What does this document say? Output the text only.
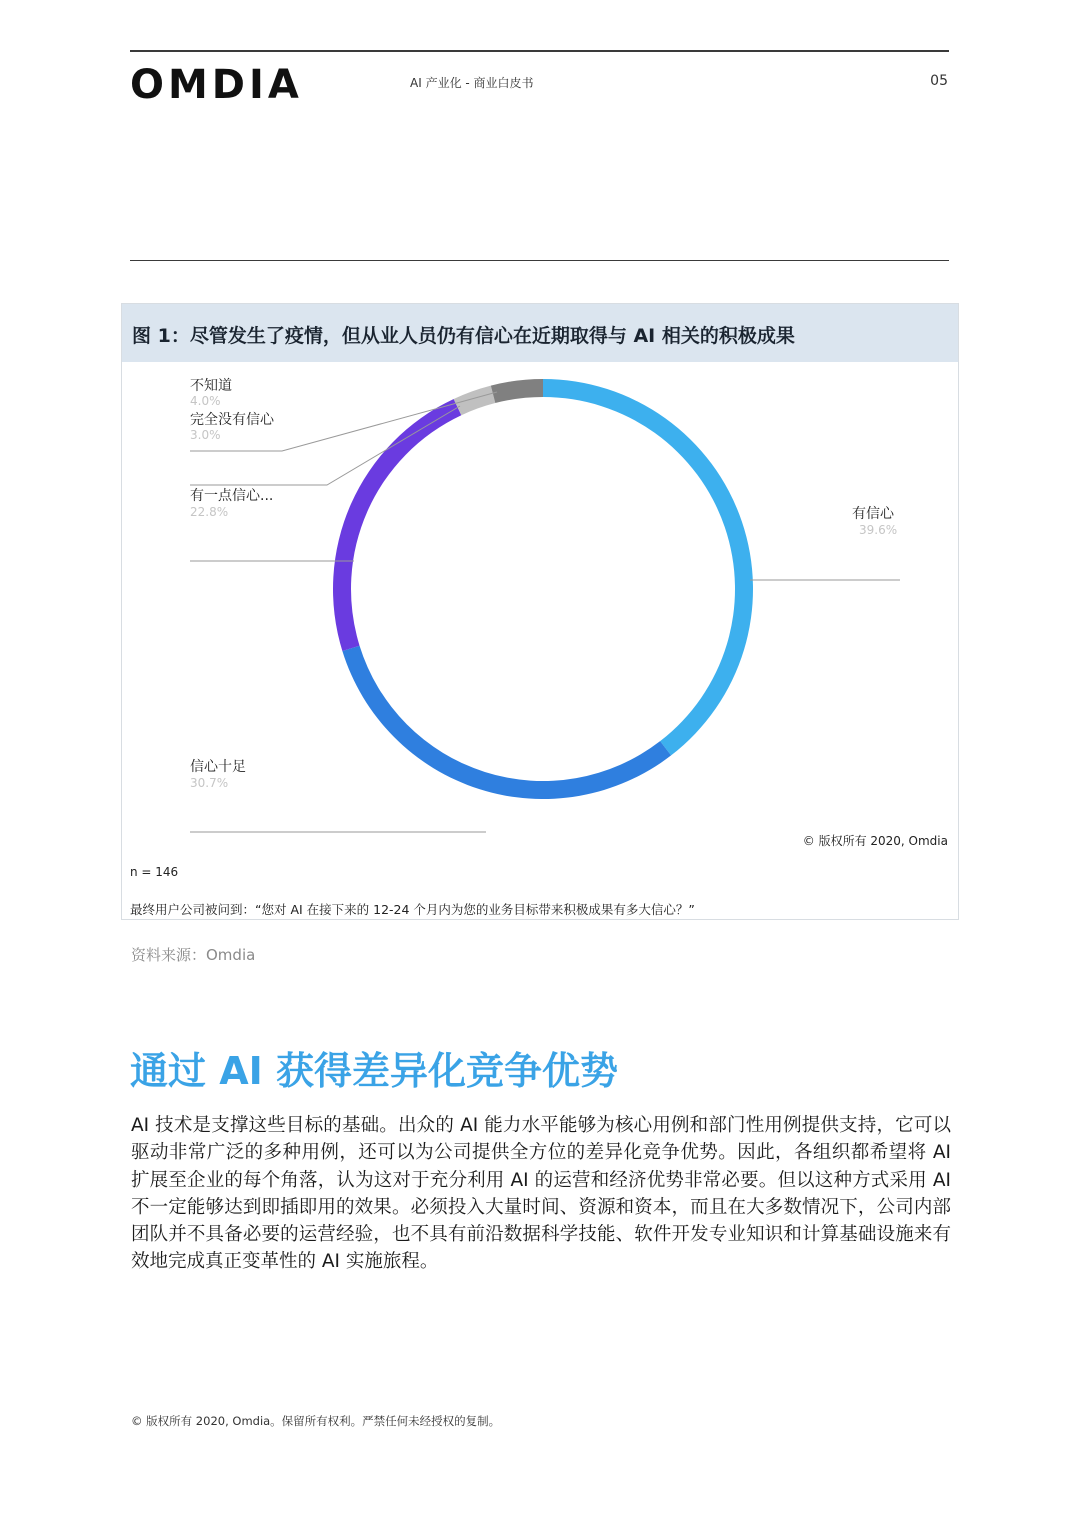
OMDIA	AI 产业化 - 商业白皮书	05
图 1：尽管发生了疫情，但从业人员仍有信心在近期取得与 AI 相关的积极成果
不知道
4.0%
完全没有信心
3.0%
有一点信心...
22.8%	有信心
39.6%
信心十足
30.7%
© 版权所有 2020, Omdia
n = 146
最终用户公司被问到：“您对 AI 在接下来的 12-24 个月内为您的业务目标带来积极成果有多大信心？”
资料来源：Omdia
通过 AI 获得差异化竞争优势
AI 技术是支撑这些目标的基础。出众的 AI 能力水平能够为核心用例和部门性用例提供支持，它可以驱动非常广泛的多种用例，还可以为公司提供全方位的差异化竞争优势。因此，各组织都希望将 AI 扩展至企业的每个角落，认为这对于充分利用 AI 的运营和经济优势非常必要。但以这种方式采用 AI 不一定能够达到即插即用的效果。必须投入大量时间、资源和资本，而且在大多数情况下，公司内部团队并不具备必要的运营经验，也不具有前沿数据科学技能、软件开发专业知识和计算基础设施来有效地完成真正变革性的 AI 实施旅程。
© 版权所有 2020, Omdia。保留所有权利。严禁任何未经授权的复制。
